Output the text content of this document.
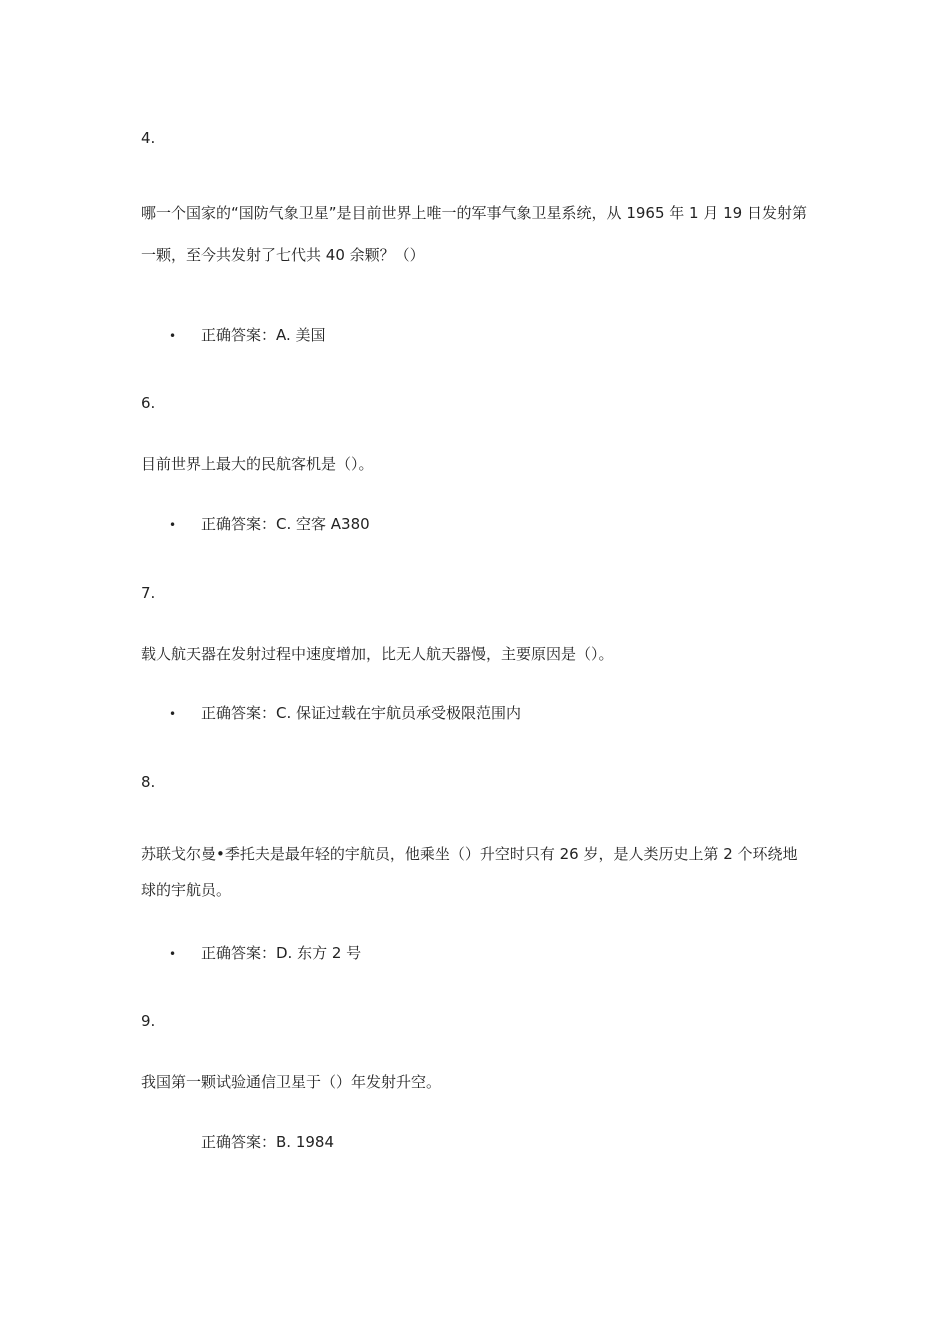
4.

哪一个国家的“国防气象卫星”是目前世界上唯一的军事气象卫星系统，从 1965 年 1 月 19 日发射第一颗，至今共发射了七代共 40 余颗？（）

• 正确答案：A. 美国
6.

目前世界上最大的民航客机是（）。

• 正确答案：C. 空客 A380
7.

载人航天器在发射过程中速度增加，比无人航天器慢，主要原因是（）。

• 正确答案：C. 保证过载在宇航员承受极限范围内
8.

苏联戈尔曼•季托夫是最年轻的宇航员，他乘坐（）升空时只有 26 岁，是人类历史上第 2 个环绕地球的宇航员。

• 正确答案：D. 东方 2 号
9.

我国第一颗试验通信卫星于（）年发射升空。

正确答案：B. 1984
